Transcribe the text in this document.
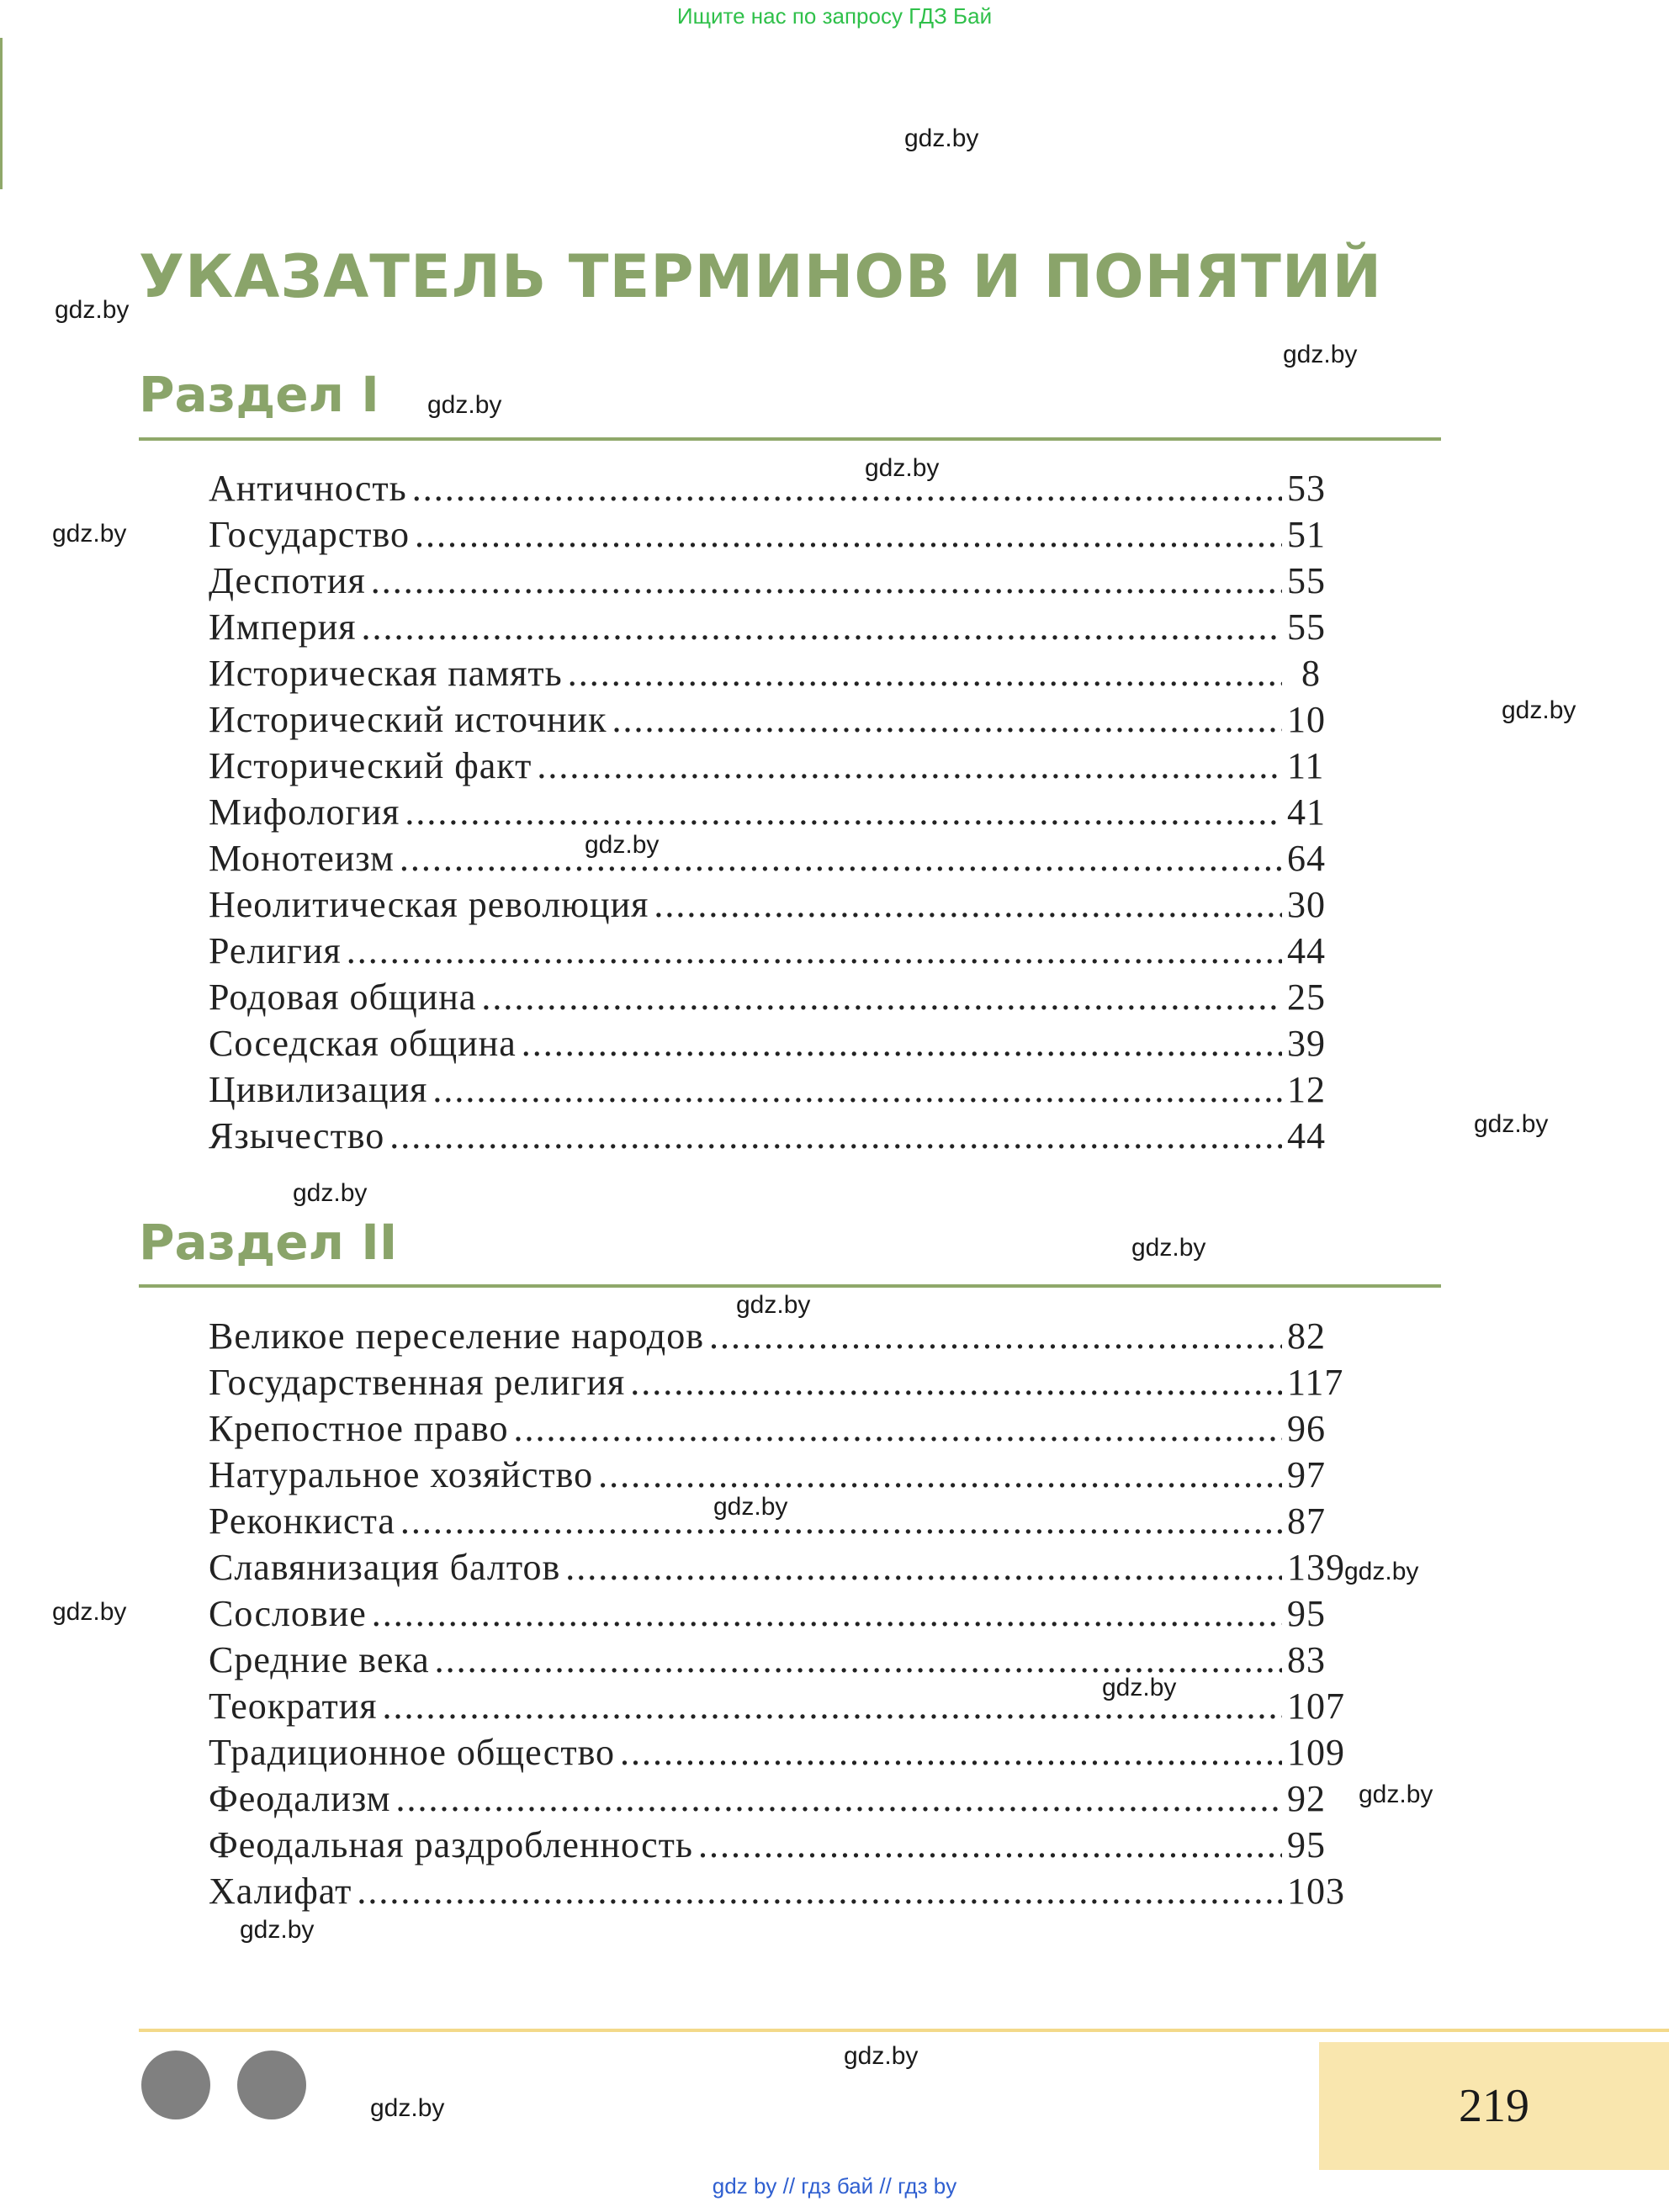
Ищите нас по запросу ГДЗ Бай
gdz.by
gdz.by
gdz.by
gdz.by
gdz.by
gdz.by
gdz.by
gdz.by
gdz.by
gdz.by
gdz.by
gdz.by
gdz.by
gdz.by
gdz.by
gdz.by
gdz.by
gdz.by
gdz.by
gdz.by
УКАЗАТЕЛЬ ТЕРМИНОВ И ПОНЯТИЙ
Раздел I
Античность .....	53
Государство .....	51
Деспотия .....	55
Империя .....	55
Историческая память .....	8
Исторический источник .....	10
Исторический факт .....	11
Мифология .....	41
Монотеизм .....	64
Неолитическая революция .....	30
Религия .....	44
Родовая община .....	25
Соседская община .....	39
Цивилизация .....	12
Язычество .....	44
Раздел II
Великое переселение народов .....	82
Государственная религия .....	117
Крепостное право .....	96
Натуральное хозяйство .....	97
Реконкиста .....	87
Славянизация балтов .....	139
Сословие .....	95
Средние века .....	83
Теократия .....	107
Традиционное общество .....	109
Феодализм .....	92
Феодальная раздробленность .....	95
Халифат .....	103
219
gdz by // гдз бай // гдз by
